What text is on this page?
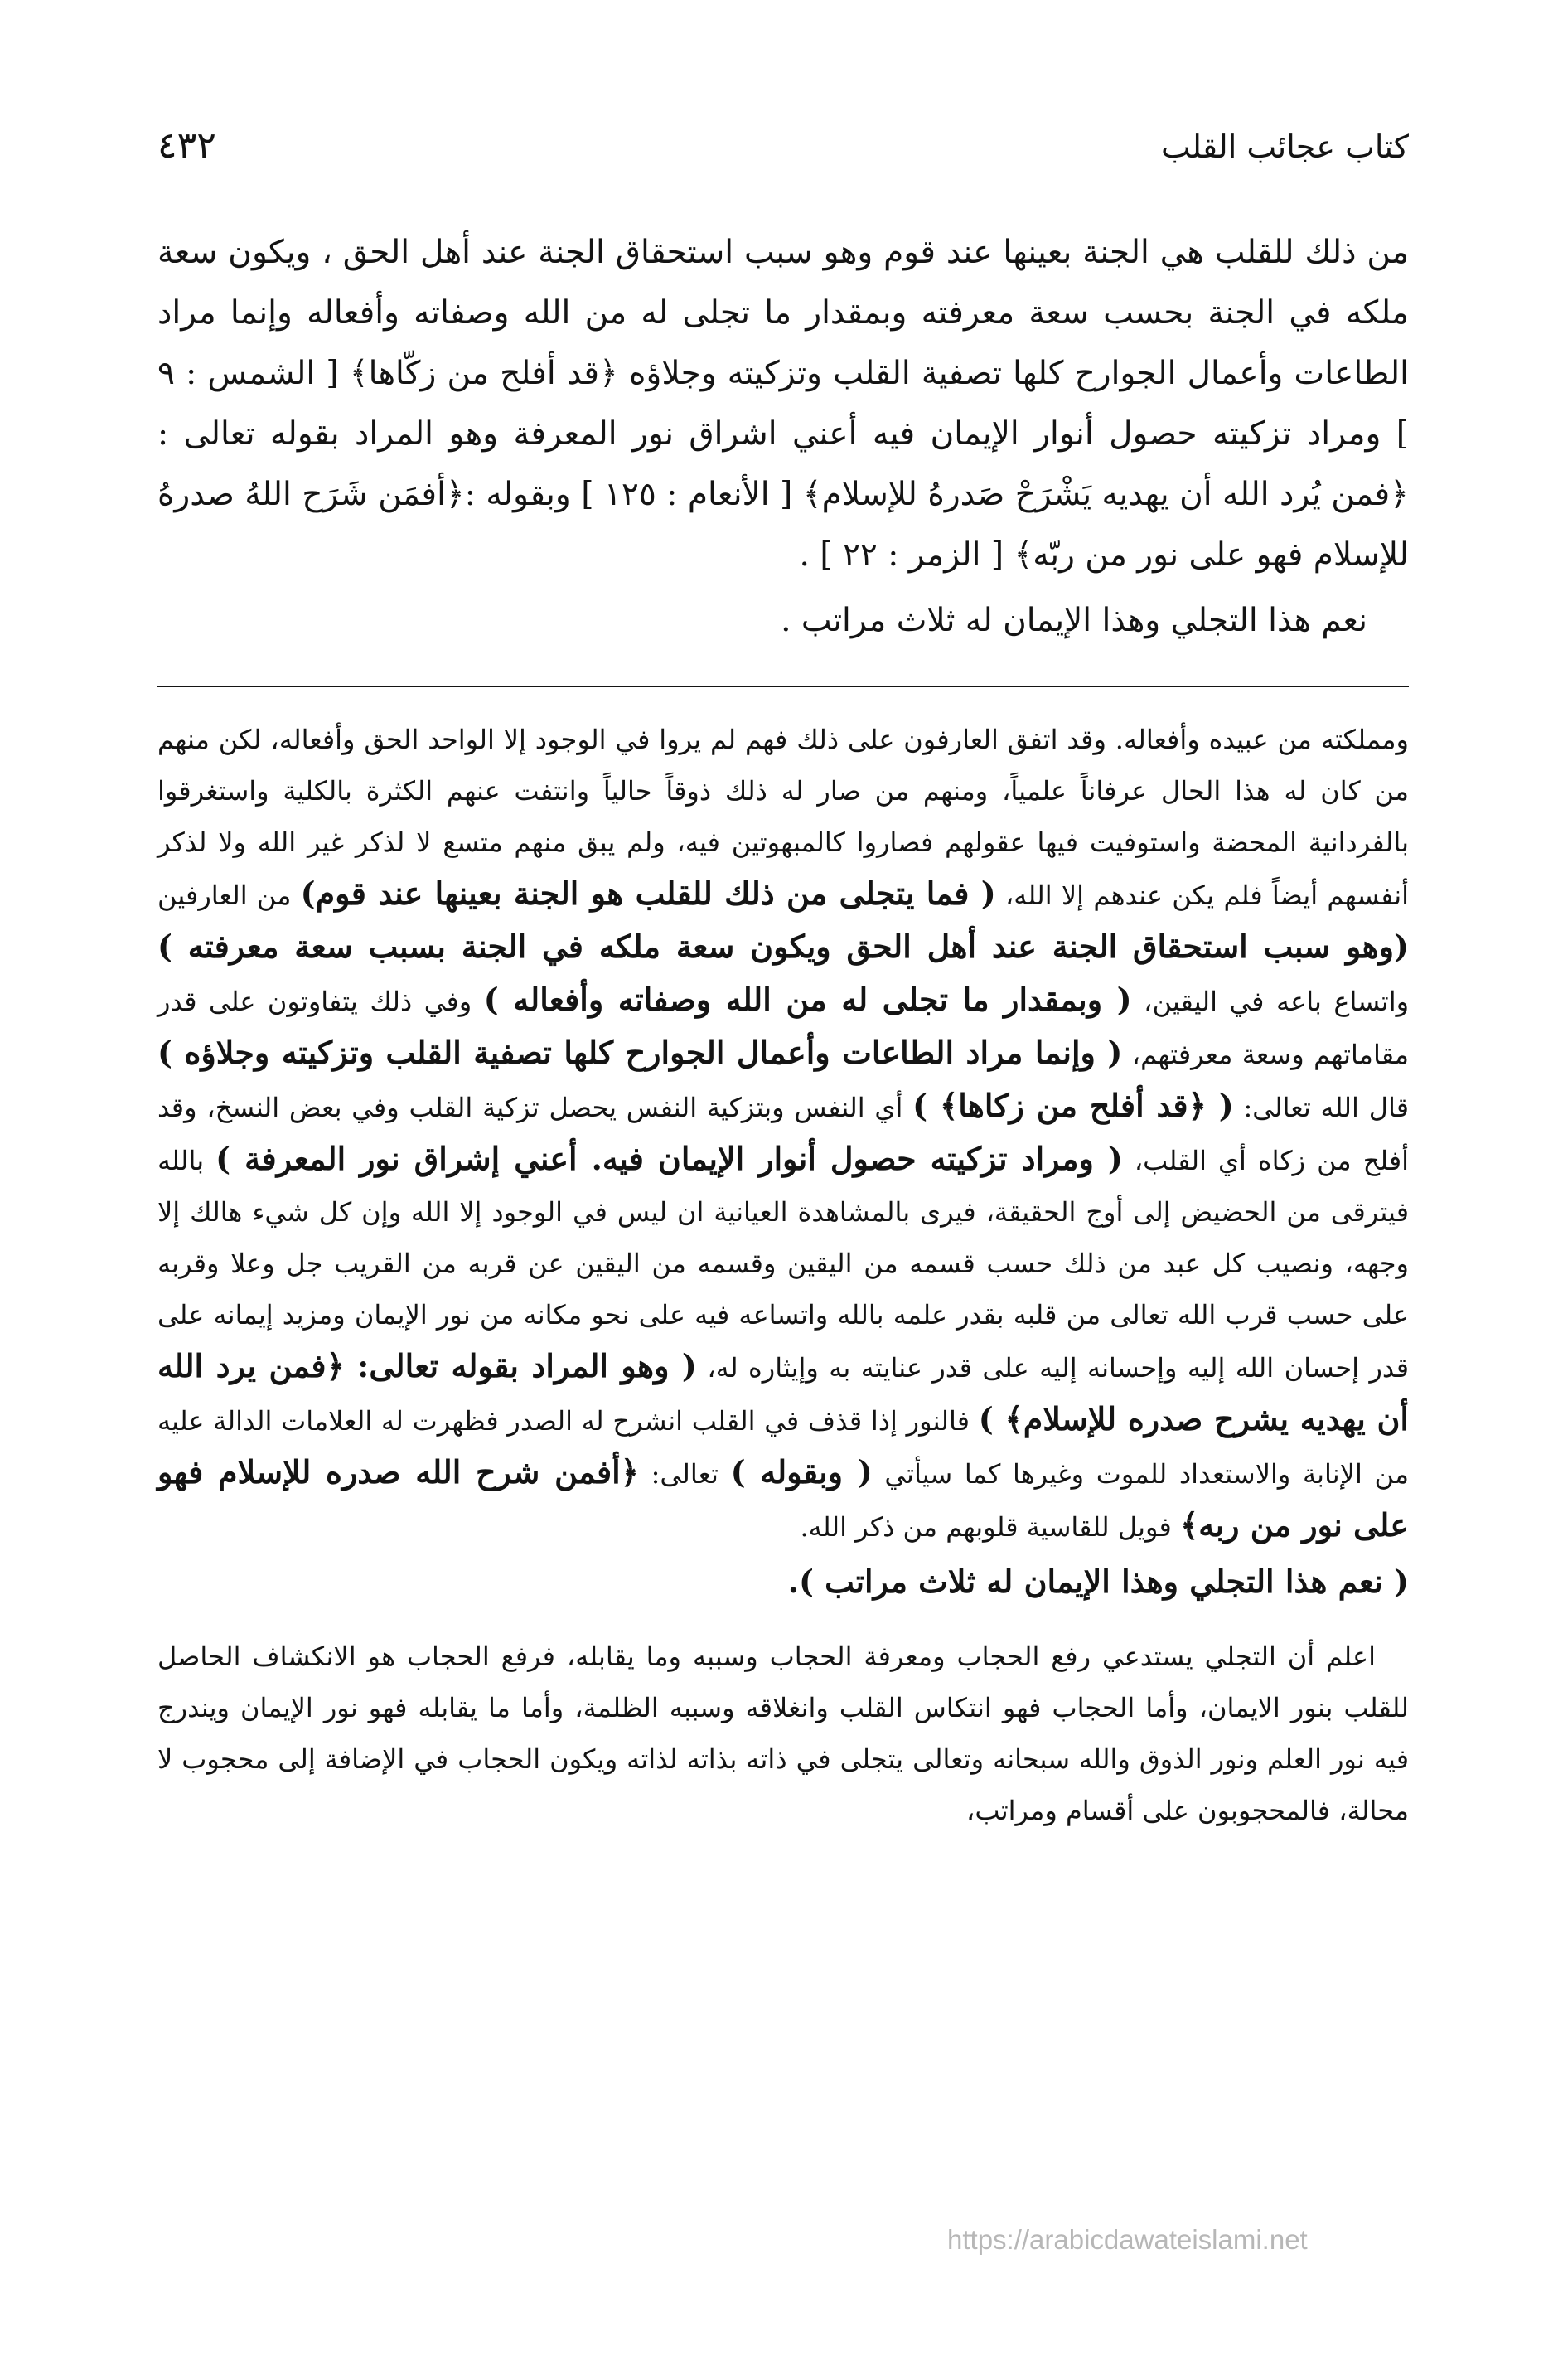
كتاب عجائب القلب
٤٣٢

من ذلك للقلب هي الجنة بعينها عند قوم وهو سبب استحقاق الجنة عند أهل الحق ، ويكون سعة ملكه في الجنة بحسب سعة معرفته وبمقدار ما تجلى له من الله وصفاته وأفعاله وإنما مراد الطاعات وأعمال الجوارح كلها تصفية القلب وتزكيته وجلاؤه ﴿قد أفلح من زكّاها﴾ [ الشمس : ٩ ] ومراد تزكيته حصول أنوار الإيمان فيه أعني اشراق نور المعرفة وهو المراد بقوله تعالى : ﴿فمن يُرد الله أن يهديه يَشْرَحْ صَدرهُ للإسلام﴾ [ الأنعام : ١٢٥ ] وبقوله :﴿أفمَن شَرَح اللهُ صدرهُ للإسلام فهو على نور من ربّه﴾ [ الزمر : ٢٢ ] .

نعم هذا التجلي وهذا الإيمان له ثلاث مراتب .

ومملكته من عبيده وأفعاله. وقد اتفق العارفون على ذلك فهم لم يروا في الوجود إلا الواحد الحق وأفعاله، لكن منهم من كان له هذا الحال عرفاناً علمياً، ومنهم من صار له ذلك ذوقاً حالياً وانتفت عنهم الكثرة بالكلية واستغرقوا بالفردانية المحضة واستوفيت فيها عقولهم فصاروا كالمبهوتين فيه، ولم يبق منهم متسع لا لذكر غير الله ولا لذكر أنفسهم أيضاً فلم يكن عندهم إلا الله، ( فما يتجلى من ذلك للقلب هو الجنة بعينها عند قوم) من العارفين (وهو سبب استحقاق الجنة عند أهل الحق ويكون سعة ملكه في الجنة بسبب سعة معرفته ) واتساع باعه في اليقين، ( وبمقدار ما تجلى له من الله وصفاته وأفعاله ) وفي ذلك يتفاوتون على قدر مقاماتهم وسعة معرفتهم، ( وإنما مراد الطاعات وأعمال الجوارح كلها تصفية القلب وتزكيته وجلاؤه ) قال الله تعالى: ( ﴿قد أفلح من زكاها﴾ ) أي النفس وبتزكية النفس يحصل تزكية القلب وفي بعض النسخ، وقد أفلح من زكاه أي القلب، ( ومراد تزكيته حصول أنوار الإيمان فيه. أعني إشراق نور المعرفة ) بالله فيترقى من الحضيض إلى أوج الحقيقة، فيرى بالمشاهدة العيانية ان ليس في الوجود إلا الله وإن كل شيء هالك إلا وجهه، ونصيب كل عبد من ذلك حسب قسمه من اليقين وقسمه من اليقين عن قربه من القريب جل وعلا وقربه على حسب قرب الله تعالى من قلبه بقدر علمه بالله واتساعه فيه على نحو مكانه من نور الإيمان ومزيد إيمانه على قدر إحسان الله إليه وإحسانه إليه على قدر عنايته به وإيثاره له، ( وهو المراد بقوله تعالى: ﴿فمن يرد الله أن يهديه يشرح صدره للإسلام﴾ ) فالنور إذا قذف في القلب انشرح له الصدر فظهرت له العلامات الدالة عليه من الإنابة والاستعداد للموت وغيرها كما سيأتي ( وبقوله ) تعالى: ﴿أفمن شرح الله صدره للإسلام فهو على نور من ربه﴾ فويل للقاسية قلوبهم من ذكر الله.

( نعم هذا التجلي وهذا الإيمان له ثلاث مراتب ).

اعلم أن التجلي يستدعي رفع الحجاب ومعرفة الحجاب وسببه وما يقابله، فرفع الحجاب هو الانكشاف الحاصل للقلب بنور الايمان، وأما الحجاب فهو انتكاس القلب وانغلاقه وسببه الظلمة، وأما ما يقابله فهو نور الإيمان ويندرج فيه نور العلم ونور الذوق والله سبحانه وتعالى يتجلى في ذاته بذاته لذاته ويكون الحجاب في الإضافة إلى محجوب لا محالة، فالمحجوبون على أقسام ومراتب،

https://arabicdawateislami.net
